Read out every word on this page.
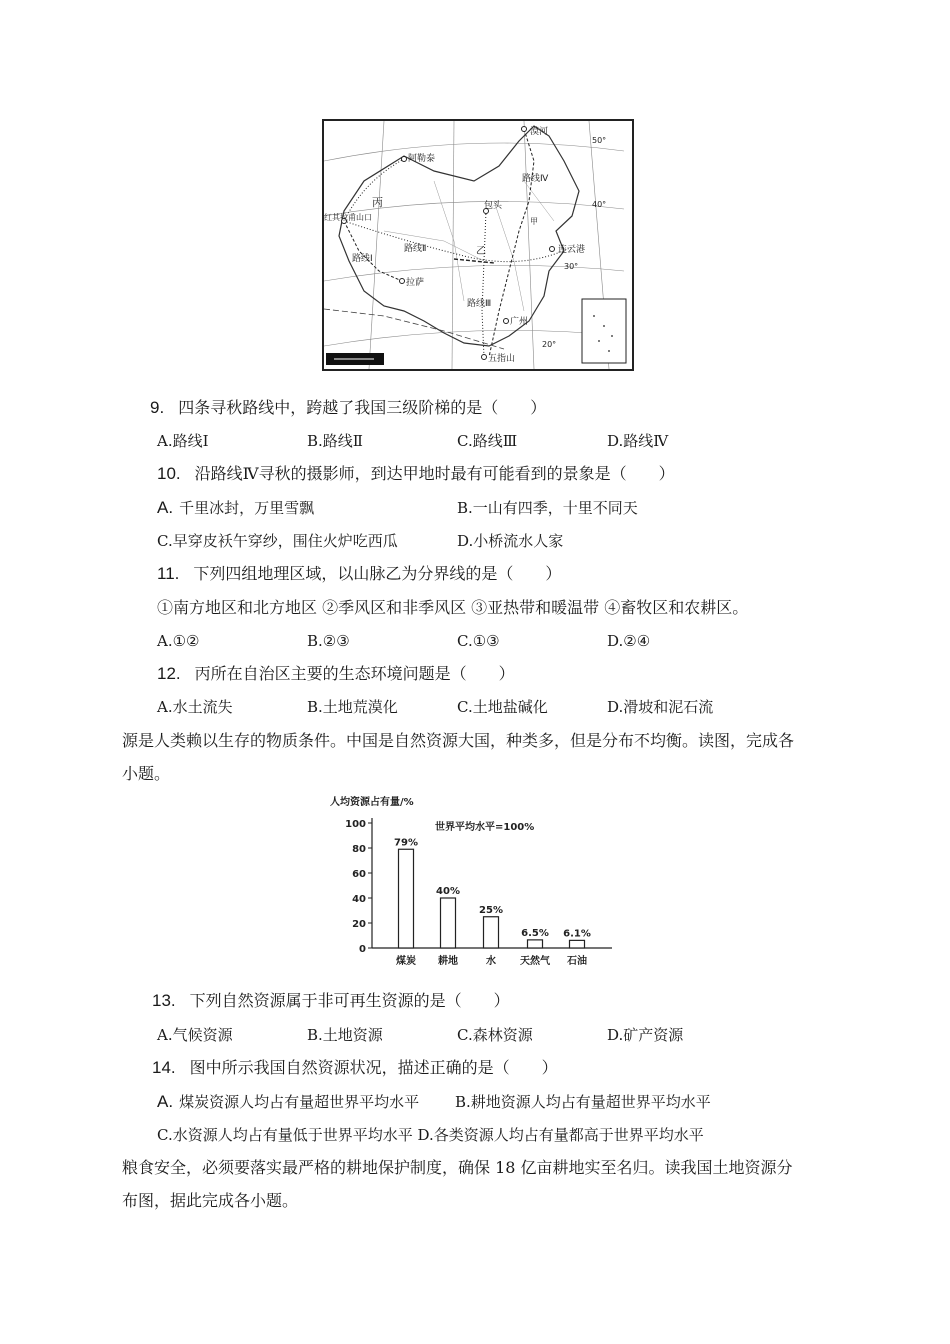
阿勒泰
漠河
丙
红其拉甫山口
包头
甲
乙	连云港
拉萨
广州
五指山
路线Ⅰ
路线Ⅱ
路线Ⅲ
路线Ⅳ
50°
40°
30°
20°
9. 四条寻秋路线中，跨越了我国三级阶梯的是（　　）
A.路线Ⅰ	B.路线Ⅱ	C.路线Ⅲ	D.路线Ⅳ
10. 沿路线Ⅳ寻秋的摄影师，到达甲地时最有可能看到的景象是（　　）
A. 千里冰封，万里雪飘	B.一山有四季，十里不同天
C.早穿皮袄午穿纱，围住火炉吃西瓜	D.小桥流水人家
11. 下列四组地理区域，以山脉乙为分界线的是（　　）
①南方地区和北方地区 ②季风区和非季风区 ③亚热带和暖温带 ④畜牧区和农耕区。
A.①②	B.②③	C.①③	D.②④
12. 丙所在自治区主要的生态环境问题是（　　）
A.水土流失	B.土地荒漠化	C.土地盐碱化	D.滑坡和泥石流
源是人类赖以生存的物质条件。中国是自然资源大国，种类多，但是分布不均衡。读图，完成各
小题。
人均资源占有量/%
世界平均水平=100%
0
20
40
60
80
100
79%
煤炭
40%
耕地
25%
水
6.5%
天然气
6.1%
石油
13. 下列自然资源属于非可再生资源的是（　　）
A.气候资源	B.土地资源	C.森林资源	D.矿产资源
14. 图中所示我国自然资源状况，描述正确的是（　　）
A. 煤炭资源人均占有量超世界平均水平 B.耕地资源人均占有量超世界平均水平
C.水资源人均占有量低于世界平均水平 D.各类资源人均占有量都高于世界平均水平
粮食安全，必须要落实最严格的耕地保护制度，确保 18 亿亩耕地实至名归。读我国土地资源分
布图，据此完成各小题。
